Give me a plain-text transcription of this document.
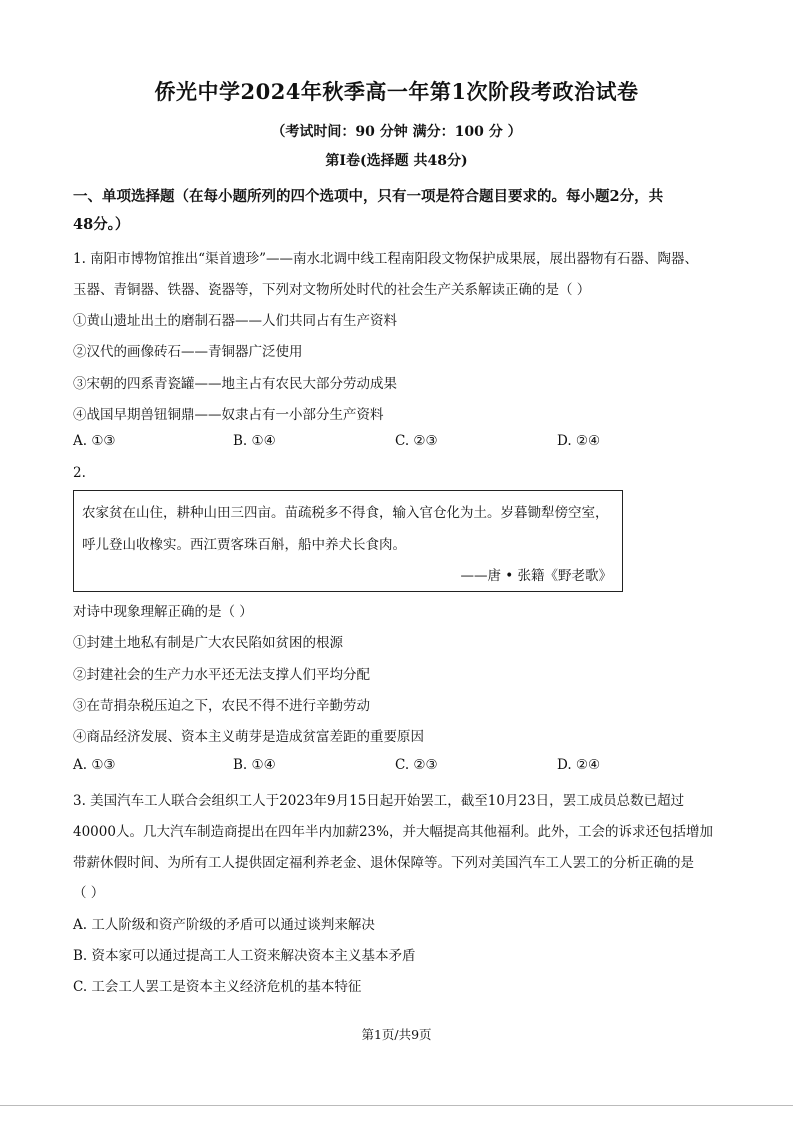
侨光中学2024年秋季高一年第1次阶段考政治试卷
（考试时间：90 分钟 满分：100 分 ）
第Ⅰ卷(选择题 共48分)
一、单项选择题（在每小题所列的四个选项中，只有一项是符合题目要求的。每小题2分，共
48分。）
1. 南阳市博物馆推出“渠首遗珍”——南水北调中线工程南阳段文物保护成果展，展出器物有石器、陶器、
玉器、青铜器、铁器、瓷器等，下列对文物所处时代的社会生产关系解读正确的是（ ）
①黄山遗址出土的磨制石器——人们共同占有生产资料
②汉代的画像砖石——青铜器广泛使用
③宋朝的四系青瓷罐——地主占有农民大部分劳动成果
④战国早期兽钮铜鼎——奴隶占有一小部分生产资料
A. ①③	B. ①④	C. ②③	D. ②④
2.
农家贫在山住，耕种山田三四亩。苗疏税多不得食，输入官仓化为土。岁暮锄犁傍空室，
呼儿登山收橡实。西江贾客珠百斛，船中养犬长食肉。
——唐 • 张籍《野老歌》
对诗中现象理解正确的是（ ）
①封建土地私有制是广大农民陷如贫困的根源
②封建社会的生产力水平还无法支撑人们平均分配
③在苛捐杂税压迫之下，农民不得不进行辛勤劳动
④商品经济发展、资本主义萌芽是造成贫富差距的重要原因
A. ①③	B. ①④	C. ②③	D. ②④
3. 美国汽车工人联合会组织工人于2023年9月15日起开始罢工，截至10月23日，罢工成员总数已超过
40000人。几大汽车制造商提出在四年半内加薪23%，并大幅提高其他福利。此外，工会的诉求还包括增加
带薪休假时间、为所有工人提供固定福利养老金、退休保障等。下列对美国汽车工人罢工的分析正确的是
（ ）
A. 工人阶级和资产阶级的矛盾可以通过谈判来解决
B. 资本家可以通过提高工人工资来解决资本主义基本矛盾
C. 工会工人罢工是资本主义经济危机的基本特征
第1页/共9页
